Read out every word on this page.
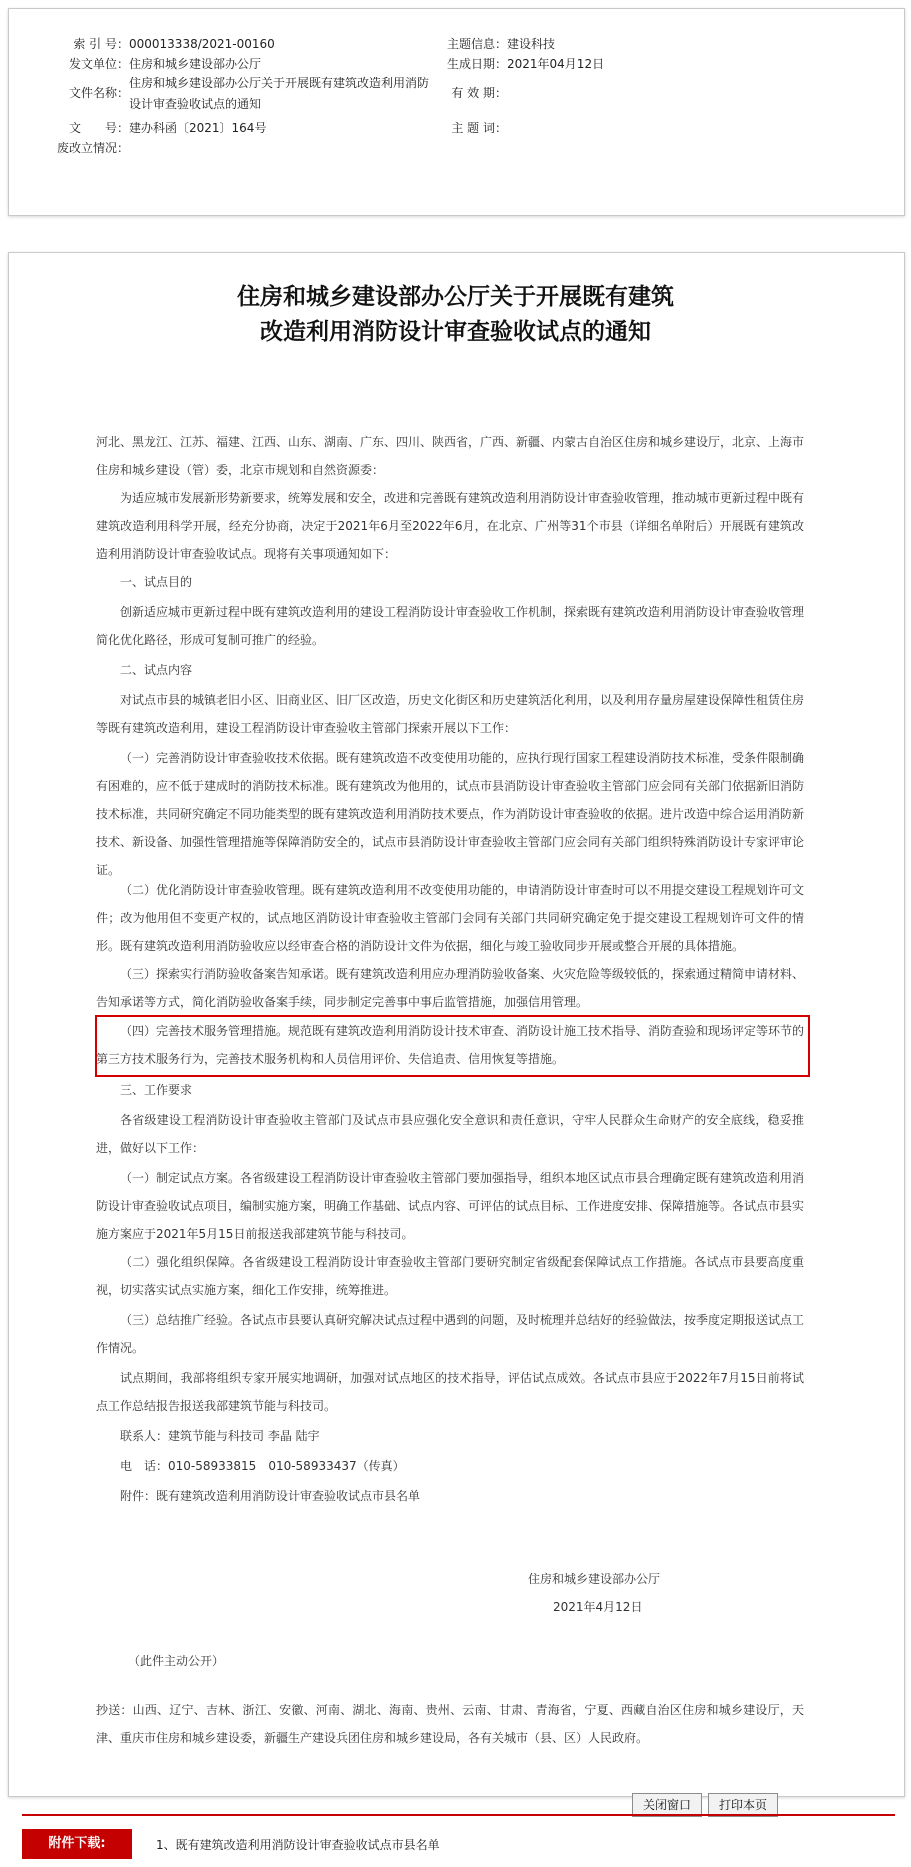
索 引 号： 000013338/2021-00160
发文单位： 住房和城乡建设部办公厅
文件名称：
住房和城乡建设部办公厅关于开展既有建筑改造利用消防
设计审查验收试点的通知
文　　号： 建办科函〔2021〕164号
废改立情况：
主题信息： 建设科技
生成日期： 2021年04月12日
有 效 期：
主 题 词：
住房和城乡建设部办公厅关于开展既有建筑
改造利用消防设计审查验收试点的通知
河北、黑龙江、江苏、福建、江西、山东、湖南、广东、四川、陕西省，广西、新疆、内蒙古自治区住房和城乡建设厅，北京、上海市住房和城乡建设（管）委，北京市规划和自然资源委：
为适应城市发展新形势新要求，统筹发展和安全，改进和完善既有建筑改造利用消防设计审查验收管理，推动城市更新过程中既有建筑改造利用科学开展，经充分协商，决定于2021年6月至2022年6月，在北京、广州等31个市县（详细名单附后）开展既有建筑改造利用消防设计审查验收试点。现将有关事项通知如下：
一、试点目的
创新适应城市更新过程中既有建筑改造利用的建设工程消防设计审查验收工作机制，探索既有建筑改造利用消防设计审查验收管理简化优化路径，形成可复制可推广的经验。
二、试点内容
对试点市县的城镇老旧小区、旧商业区、旧厂区改造，历史文化街区和历史建筑活化利用，以及利用存量房屋建设保障性租赁住房等既有建筑改造利用，建设工程消防设计审查验收主管部门探索开展以下工作：
（一）完善消防设计审查验收技术依据。既有建筑改造不改变使用功能的，应执行现行国家工程建设消防技术标准，受条件限制确有困难的，应不低于建成时的消防技术标准。既有建筑改为他用的，试点市县消防设计审查验收主管部门应会同有关部门依据新旧消防技术标准，共同研究确定不同功能类型的既有建筑改造利用消防技术要点，作为消防设计审查验收的依据。进片改造中综合运用消防新技术、新设备、加强性管理措施等保障消防安全的，试点市县消防设计审查验收主管部门应会同有关部门组织特殊消防设计专家评审论证。
（二）优化消防设计审查验收管理。既有建筑改造利用不改变使用功能的，申请消防设计审查时可以不用提交建设工程规划许可文件；改为他用但不变更产权的，试点地区消防设计审查验收主管部门会同有关部门共同研究确定免于提交建设工程规划许可文件的情形。既有建筑改造利用消防验收应以经审查合格的消防设计文件为依据，细化与竣工验收同步开展或整合开展的具体措施。
（三）探索实行消防验收备案告知承诺。既有建筑改造利用应办理消防验收备案、火灾危险等级较低的，探索通过精简申请材料、告知承诺等方式，简化消防验收备案手续，同步制定完善事中事后监管措施，加强信用管理。
（四）完善技术服务管理措施。规范既有建筑改造利用消防设计技术审查、消防设计施工技术指导、消防查验和现场评定等环节的第三方技术服务行为，完善技术服务机构和人员信用评价、失信追责、信用恢复等措施。
三、工作要求
各省级建设工程消防设计审查验收主管部门及试点市县应强化安全意识和责任意识，守牢人民群众生命财产的安全底线，稳妥推进，做好以下工作：
（一）制定试点方案。各省级建设工程消防设计审查验收主管部门要加强指导，组织本地区试点市县合理确定既有建筑改造利用消防设计审查验收试点项目，编制实施方案，明确工作基础、试点内容、可评估的试点目标、工作进度安排、保障措施等。各试点市县实施方案应于2021年5月15日前报送我部建筑节能与科技司。
（二）强化组织保障。各省级建设工程消防设计审查验收主管部门要研究制定省级配套保障试点工作措施。各试点市县要高度重视，切实落实试点实施方案，细化工作安排，统筹推进。
（三）总结推广经验。各试点市县要认真研究解决试点过程中遇到的问题，及时梳理并总结好的经验做法，按季度定期报送试点工作情况。
试点期间，我部将组织专家开展实地调研，加强对试点地区的技术指导，评估试点成效。各试点市县应于2022年7月15日前将试点工作总结报告报送我部建筑节能与科技司。
联系人：建筑节能与科技司 李晶 陆宇
电　话：010-58933815　010-58933437（传真）
附件：既有建筑改造利用消防设计审查验收试点市县名单
住房和城乡建设部办公厅
2021年4月12日
（此件主动公开）
抄送：山西、辽宁、吉林、浙江、安徽、河南、湖北、海南、贵州、云南、甘肃、青海省，宁夏、西藏自治区住房和城乡建设厅，天津、重庆市住房和城乡建设委，新疆生产建设兵团住房和城乡建设局，各有关城市（县、区）人民政府。
关闭窗口	打印本页
附件下载:	1、既有建筑改造利用消防设计审查验收试点市县名单
